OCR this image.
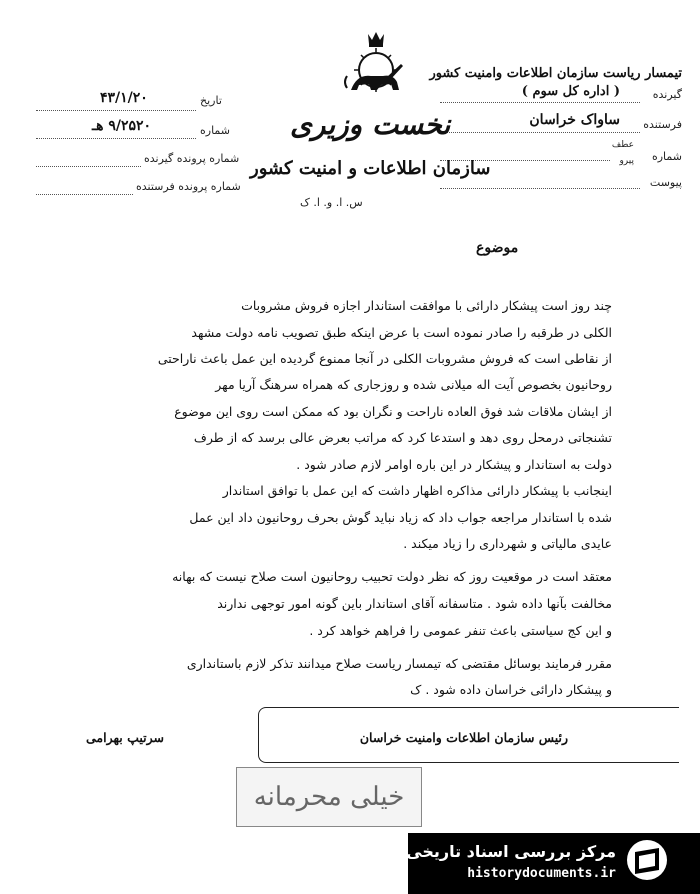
تیمسار ریاست سازمان اطلاعات وامنیت کشور
گیرنده
( اداره کل سوم )
فرستنده
ساواک خراسان
شماره
عطف
پیرو
پیوست
نخست وزیری
سازمان اطلاعات و امنیت کشور
س. ا. و. ا. ک
تاریخ
۴۳/۱/۲۰
شماره
۹/۲۵۲۰ هـ
شماره پرونده گیرنده
شماره پرونده فرستنده
موضوع
چند روز است پیشکار دارائی با موافقت استاندار اجازه فروش مشروبات
الکلی در طرقبه را صادر نموده است با عرض اینکه طبق تصویب نامه دولت مشهد
از نقاطی است که فروش مشروبات الکلی در آنجا ممنوع گردیده این عمل باعث ناراحتی
روحانیون بخصوص آیت اله میلانی شده و روزجاری که همراه سرهنگ آریا مهر
از ایشان ملاقات شد فوق العاده ناراحت و نگران بود که ممکن است روی این موضوع
تشنجاتی درمحل روی دهد و استدعا کرد که مراتب بعرض عالی برسد که از طرف
دولت به استاندار و پیشکار در این باره اوامر لازم صادر شود .
اینجانب با پیشکار دارائی مذاکره اظهار داشت که این عمل با توافق استاندار
شده با استاندار مراجعه جواب داد که زیاد نباید گوش بحرف روحانیون داد این عمل
عایدی مالیاتی و شهرداری را زیاد میکند .
معتقد است در موقعیت روز که نظر دولت تحبیب روحانیون است صلاح نیست که بهانه
مخالفت بآنها داده شود . متاسفانه آقای استاندار باین گونه امور توجهی ندارند
و این کج سیاستی باعث تنفر عمومی را فراهم خواهد کرد .
مقرر فرمایند بوسائل مقتضی که تیمسار ریاست صلاح میدانند تذکر لازم باستانداری
و پیشکار دارائی خراسان داده شود . ک
رئیس سازمان اطلاعات وامنیت خراسان
سرتیپ بهرامی
خیلی محرمانه
مرکز بررسی اسناد تاریخی
historydocuments.ir
